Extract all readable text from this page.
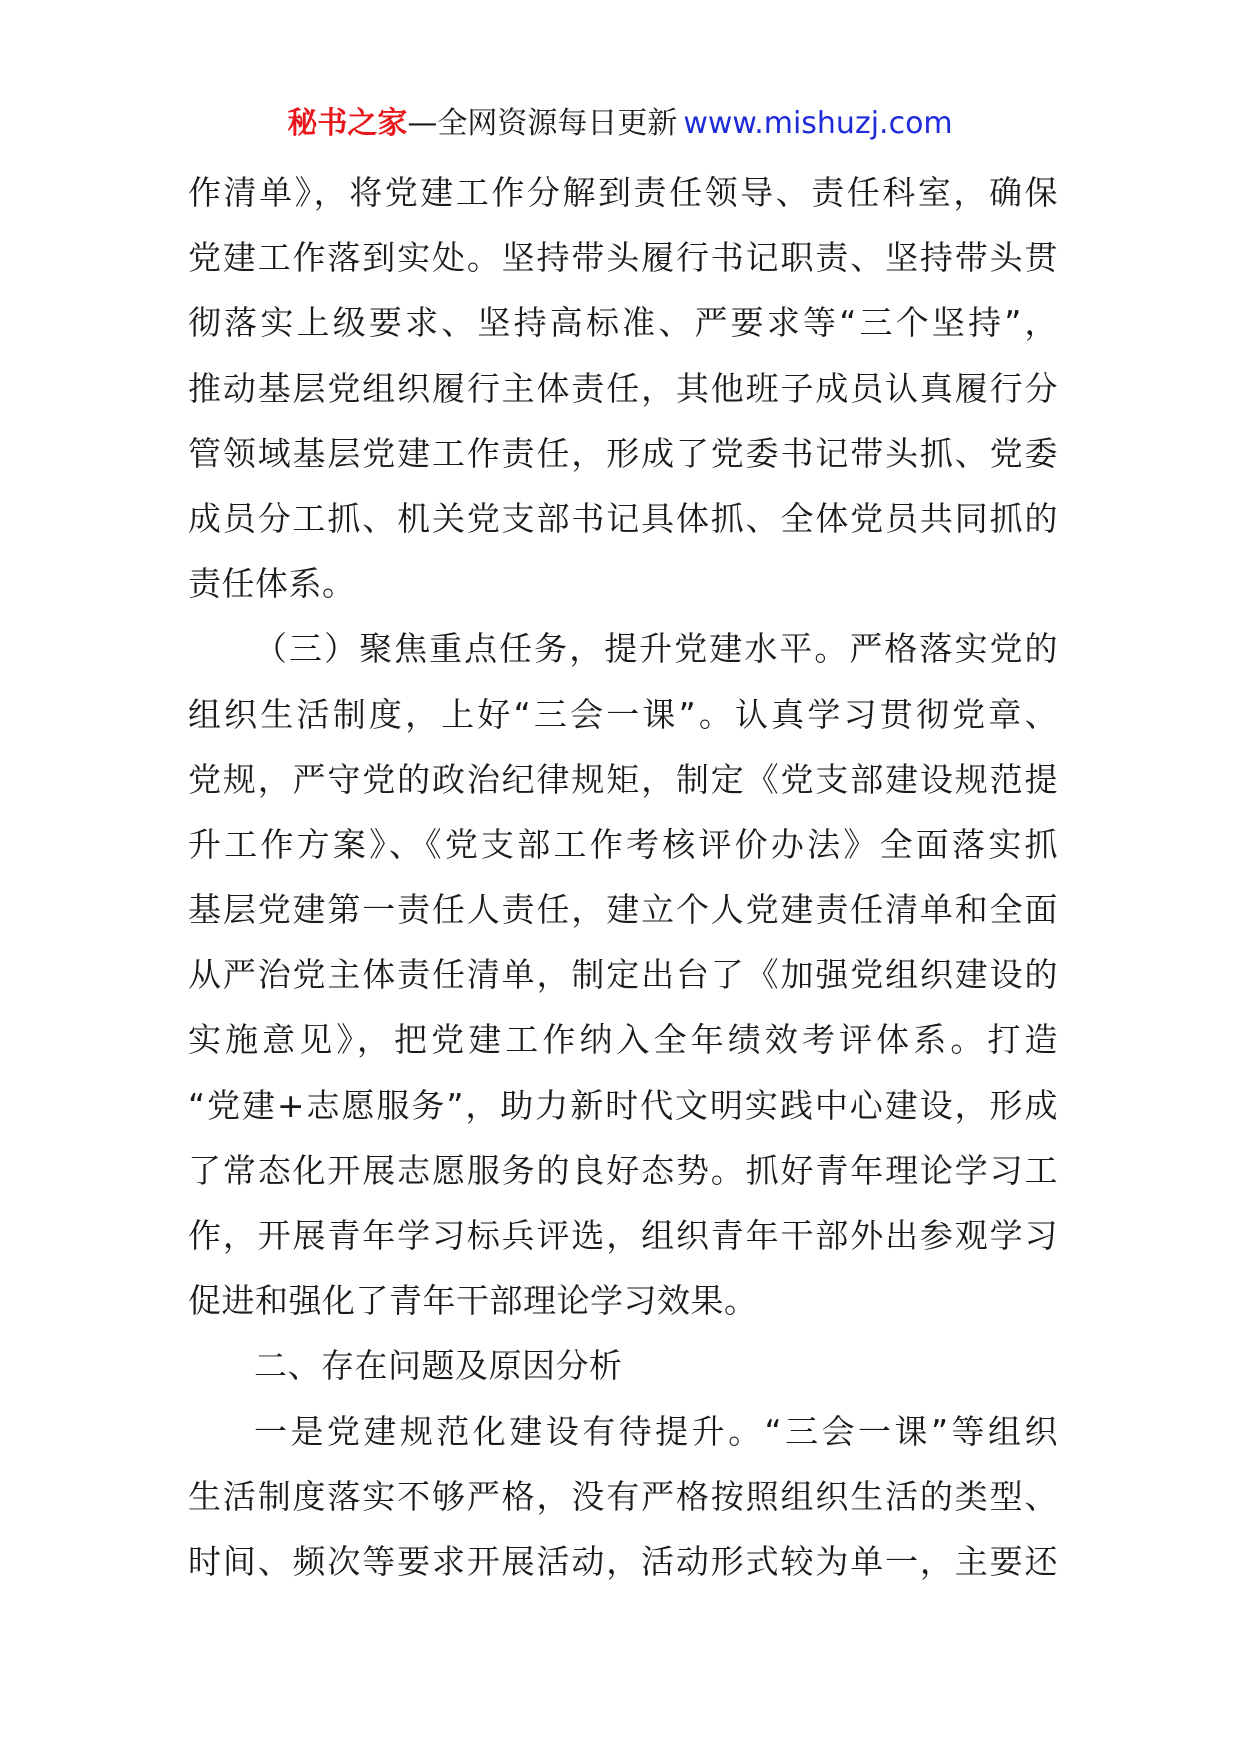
秘书之家—全网资源每日更新 www.mishuzj.com
作清单》，将党建工作分解到责任领导、责任科室，确保
党建工作落到实处。坚持带头履行书记职责、坚持带头贯
彻落实上级要求、坚持高标准、严要求等“三个坚持”，
推动基层党组织履行主体责任，其他班子成员认真履行分
管领域基层党建工作责任，形成了党委书记带头抓、党委
成员分工抓、机关党支部书记具体抓、全体党员共同抓的
责任体系。
（三）聚焦重点任务，提升党建水平。严格落实党的
组织生活制度，上好“三会一课”。认真学习贯彻党章、
党规，严守党的政治纪律规矩，制定《党支部建设规范提
升工作方案》、《党支部工作考核评价办法》全面落实抓
基层党建第一责任人责任，建立个人党建责任清单和全面
从严治党主体责任清单，制定出台了《加强党组织建设的
实施意见》，把党建工作纳入全年绩效考评体系。打造
“党建+志愿服务”，助力新时代文明实践中心建设，形成
了常态化开展志愿服务的良好态势。抓好青年理论学习工
作，开展青年学习标兵评选，组织青年干部外出参观学习
促进和强化了青年干部理论学习效果。
二、存在问题及原因分析
一是党建规范化建设有待提升。“三会一课”等组织
生活制度落实不够严格，没有严格按照组织生活的类型、
时间、频次等要求开展活动，活动形式较为单一，主要还
